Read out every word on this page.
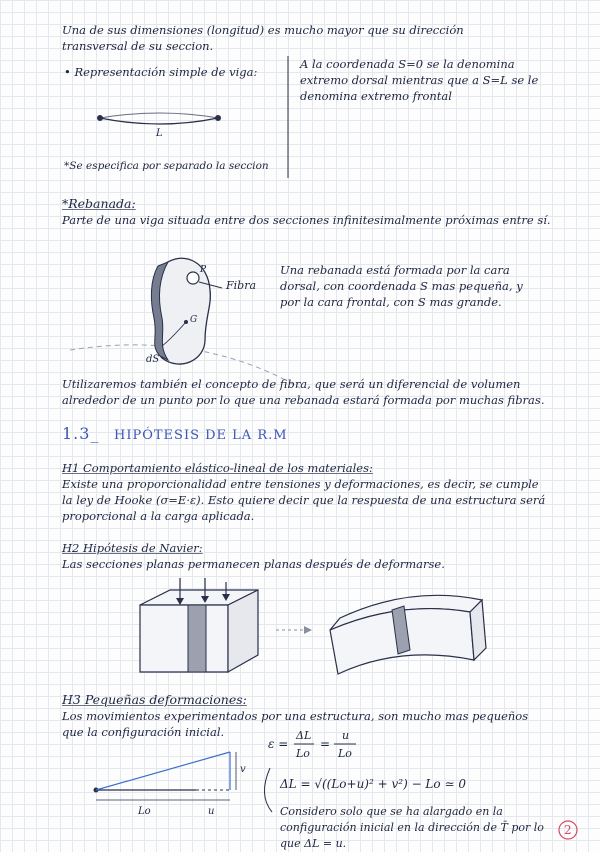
Una de sus dimensiones (longitud) es mucho mayor que su dirección transversal de su seccion.
• Representación simple de viga:
A la coordenada S=0 se la denomina extremo dorsal mientras que a S=L se le denomina extremo frontal
*Se especifica por separado la seccion
L
Fibra
P
G
dS
*Rebanada:
Parte de una viga situada entre dos secciones infinitesimalmente próximas entre sí.
Una rebanada está formada por la cara dorsal, con coordenada S mas pequeña, y por la cara frontal, con S mas grande.
Utilizaremos también el concepto de fibra, que será un diferencial de volumen alrededor de un punto por lo que una rebanada estará formada por muchas fibras.
1.3_ HIPÓTESIS DE LA R.M
H1 Comportamiento elástico-lineal de los materiales:
Existe una proporcionalidad entre tensiones y deformaciones, es decir, se cumple la ley de Hooke (σ=E·ε). Esto quiere decir que la respuesta de una estructura será proporcional a la carga aplicada.
H2 Hipótesis de Navier:
Las secciones planas permanecen planas después de deformarse.
H3 Pequeñas deformaciones:
Los movimientos experimentados por una estructura, son mucho mas pequeños que la configuración inicial.
ε =
ΔL
Lo
=
u
Lo
ΔL = √((Lo+u)² + v²) − Lo ≃ 0
v
Lo	u	Considero solo que se ha alargado en la configuración inicial en la dirección de T̄ por lo que ΔL = u.
2
